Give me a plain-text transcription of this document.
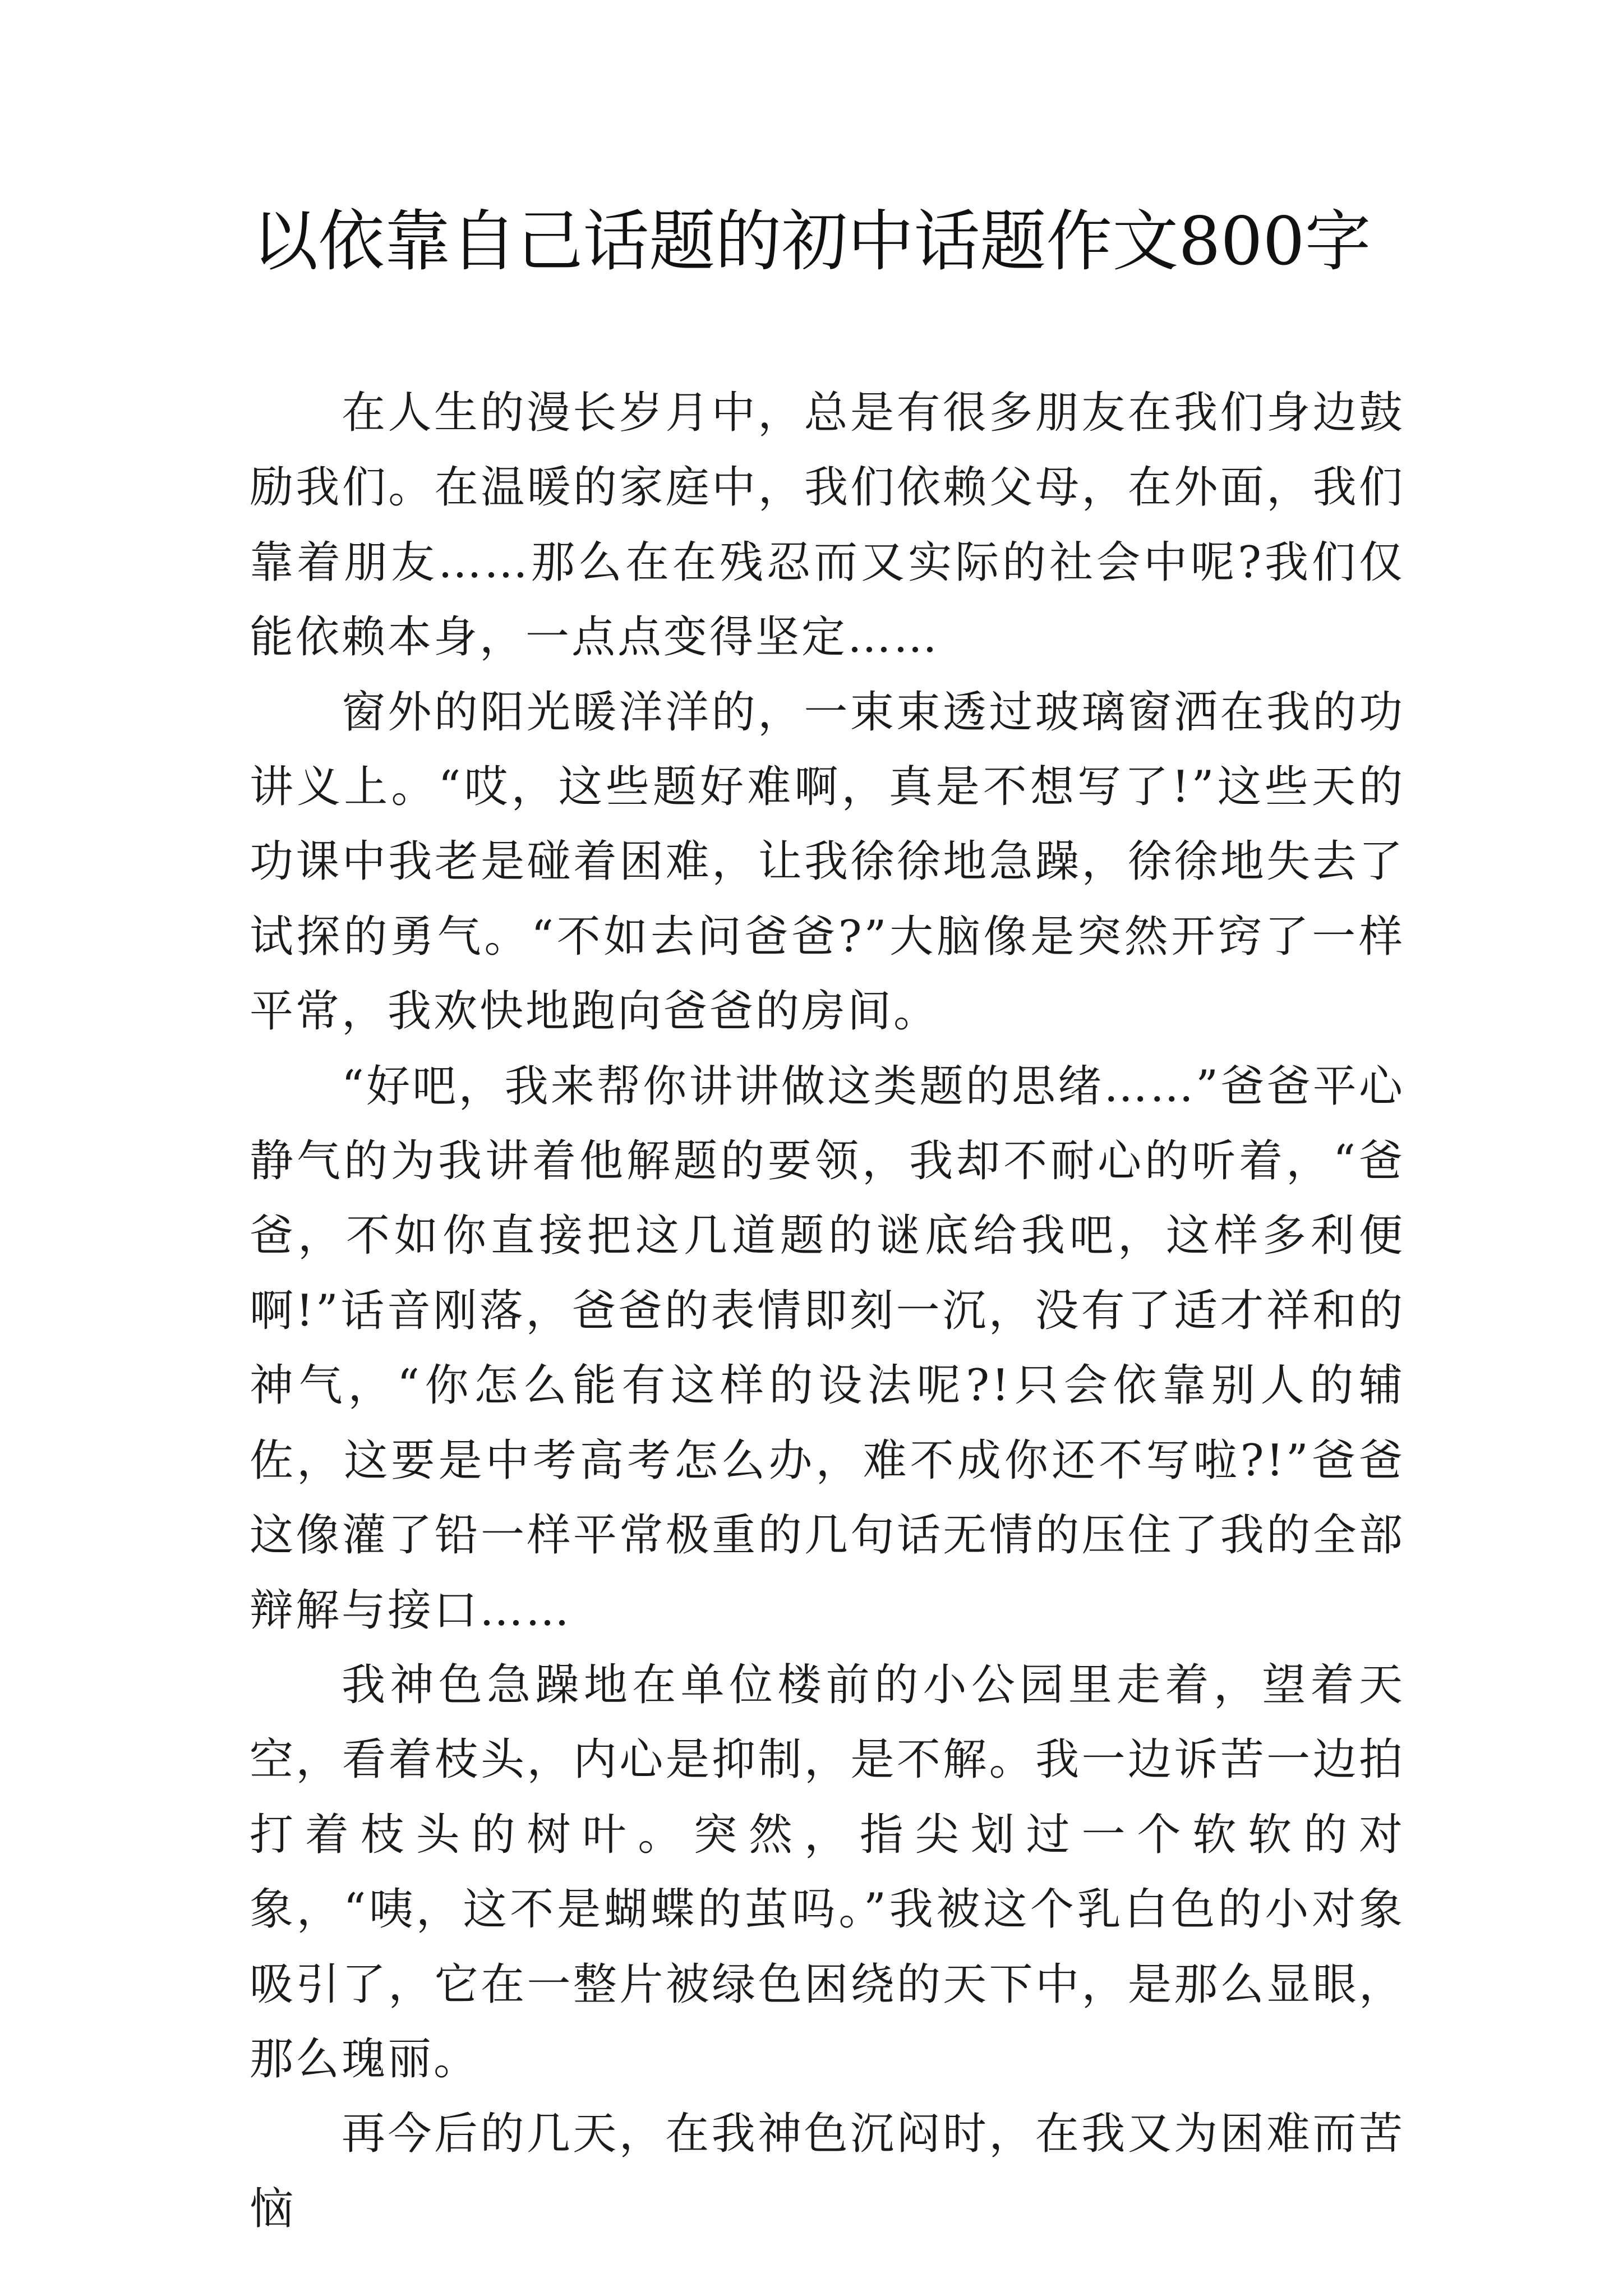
以依靠自己话题的初中话题作文800字

在人生的漫长岁月中，总是有很多朋友在我们身边鼓励我们。在温暖的家庭中，我们依赖父母，在外面，我们靠着朋友……那么在在残忍而又实际的社会中呢?我们仅能依赖本身，一点点变得坚定……

窗外的阳光暖洋洋的，一束束透过玻璃窗洒在我的功讲义上。“哎，这些题好难啊，真是不想写了!”这些天的功课中我老是碰着困难，让我徐徐地急躁，徐徐地失去了试探的勇气。“不如去问爸爸?”大脑像是突然开窍了一样平常，我欢快地跑向爸爸的房间。

“好吧，我来帮你讲讲做这类题的思绪……”爸爸平心静气的为我讲着他解题的要领，我却不耐心的听着，“爸爸，不如你直接把这几道题的谜底给我吧，这样多利便啊!”话音刚落，爸爸的表情即刻一沉，没有了适才祥和的神气，“你怎么能有这样的设法呢?!只会依靠别人的辅佐，这要是中考高考怎么办，难不成你还不写啦?!”爸爸这像灌了铅一样平常极重的几句话无情的压住了我的全部辩解与接口……

我神色急躁地在单位楼前的小公园里走着，望着天空，看着枝头，内心是抑制，是不解。我一边诉苦一边拍打着枝头的树叶。突然，指尖划过一个软软的对象，“咦，这不是蝴蝶的茧吗。”我被这个乳白色的小对象吸引了，它在一整片被绿色困绕的天下中，是那么显眼，那么瑰丽。

再今后的几天，在我神色沉闷时，在我又为困难而苦恼
